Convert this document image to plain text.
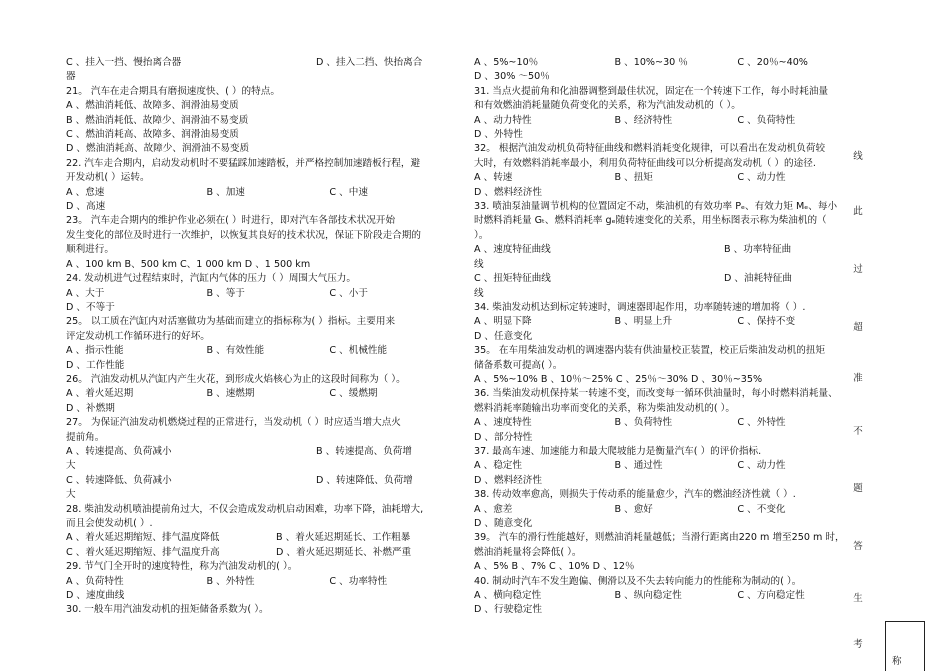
C 、挂入一挡、慢抬离合器	D 、挂入二挡、快抬离合
器
21。 汽车在走合期具有磨损速度快、( ）的特点。
A 、燃油消耗低、故障多、润滑油易变质
B 、燃油消耗低、故障少、润滑油不易变质
C 、燃油消耗高、故障多、润滑油易变质
D 、燃油消耗高、故障少、润滑油不易变质
22. 汽车走合期内，启动发动机时不要猛踩加速踏板，并严格控制加速踏板行程，避
开发动机( ）运转。
A 、怠速	B 、加速	C 、中速
D 、高速
23。 汽车走合期内的维护作业必须在( ）时进行，即对汽车各部技术状况开始
发生变化的部位及时进行一次维护，以恢复其良好的技术状况，保证下阶段走合期的
顺利进行。
A 、100 km B、500 km C、1 000 km D 、1 500 km
24. 发动机进气过程结束时，汽缸内气体的压力（ ）周围大气压力。
A 、大于	B 、等于	C 、小于
D 、不等于
25。 以工质在汽缸内对活塞做功为基础而建立的指标称为( ）指标。主要用来
评定发动机工作循环进行的好坏。
A 、指示性能	B 、有效性能	C 、机械性能
D 、工作性能
26。 汽油发动机从汽缸内产生火花，到形成火焰核心为止的这段时间称为（ ）。
A 、着火延迟期	B 、速燃期	C 、缓燃期
D 、补燃期
27。 为保证汽油发动机燃烧过程的正常进行，当发动机（ ）时应适当增大点火
提前角。
A 、转速提高、负荷减小	B 、转速提高、负荷增
大
C 、转速降低、负荷减小	D 、转速降低、负荷增
大
28. 柴油发动机喷油提前角过大，不仅会造成发动机启动困难，功率下降，油耗增大,
而且会使发动机( ）.
A 、着火延迟期缩短、排气温度降低	B 、着火延迟期延长、工作粗暴
C 、着火延迟期缩短、排气温度升高	D 、着火延迟期延长、补燃严重
29. 节气门全开时的速度特性，称为汽油发动机的( ）。
A 、负荷特性	B 、外特性	C 、功率特性
D 、速度曲线
30. 一般车用汽油发动机的扭矩储备系数为( ）。
A 、5%~10％	B 、10%~30 ％	C 、20％~40%
D 、30% ～50％
31. 当点火提前角和化油器调整到最佳状况，固定在一个转速下工作，每小时耗油量
和有效燃油消耗量随负荷变化的关系，称为汽油发动机的（ ）。
A 、动力特性	B 、经济特性	C 、负荷特性
D 、外特性
32。 根据汽油发动机负荷特征曲线和燃料消耗变化规律，可以看出在发动机负荷较
大时，有效燃料消耗率最小，利用负荷特征曲线可以分析提高发动机（ ）的途径.
A 、转速	B 、扭矩	C 、动力性
D 、燃料经济性
33. 喷油泵油量调节机构的位置固定不动，柴油机的有效功率 Pₑ、有效力矩 Mₑ、每小
时燃料消耗量 Gₜ、燃料消耗率 gₑ随转速变化的关系，用坐标图表示称为柴油机的（
）。
A 、速度特征曲线	B 、功率特征曲
线
C 、扭矩特征曲线	D 、油耗特征曲
线
34. 柴油发动机达到标定转速时，调速器即起作用，功率随转速的增加将（ ）.
A 、明显下降	B 、明显上升	C 、保持不变
D 、任意变化
35。 在车用柴油发动机的调速器内装有供油量校正装置，校正后柴油发动机的扭矩
储备系数可提高( ）。
A 、5%~10% B 、10％～25% C 、25％～30% D 、30％~35%
36. 当柴油发动机保持某一转速不变，而改变每一循环供油量时，每小时燃料消耗量、
燃料消耗率随输出功率而变化的关系，称为柴油发动机的( ）。
A 、速度特性	B 、负荷特性	C 、外特性
D 、部分特性
37. 最高车速、加速能力和最大爬坡能力是衡量汽车( ）的评价指标.
A 、稳定性	B 、通过性	C 、动力性
D 、燃料经济性
38. 传动效率愈高，则损失于传动系的能量愈少，汽车的燃油经济性就（ ）.
A 、愈差	B 、愈好	C 、不变化
D 、随意变化
39。 汽车的滑行性能越好，则燃油消耗量越低；当滑行距离由220 m 增至250 m 时，
燃油消耗量将会降低( ）。
A 、5% B 、7% C 、10% D 、12％
40. 制动时汽车不发生跑偏、侧滑以及不失去转向能力的性能称为制动的( ）。
A 、横向稳定性	B 、纵向稳定性	C 、方向稳定性
D 、行驶稳定性
线
此
过
超
准
不
题
答
生
考
称
